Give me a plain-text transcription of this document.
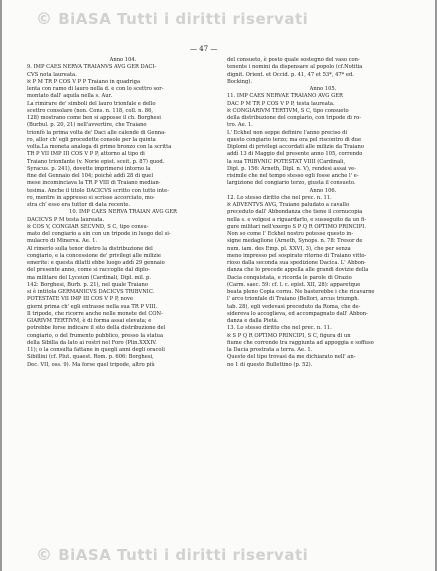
© BiASA Tutti i diritti riservati
— 47 —

Anno 104.

9. IMP CAES NERVA TRAIANVS AVG GER DACI-

CVS nota laureata.

ℵ P M TR P COS V P P Traiano in quadriga

lenta con ramo di lauro nella d. e con lo scettro sor-

montato dall' aquila nella s. Aur.

La rimirare de' simboli del lauro trionfale e dello

scettro consolare (non. Cons. n. 118, coll. n. 86,

128) mostrano come ben si apposse il ch. Borghesi

(Burbul. p. 20, 21) nell'avvertire, che Traiano

trionfò la prima volta de' Daci alle calende di Genna-

ro, allor ch' egli procedette console per la quinta

volta.La moneta analoga di primo bronzo con la scritta

TR P VII IMP III COS V P P, attorno al tipo di

Traiano trionfante (v. Norie epist. sceit. p. 87) quod.

Syracus. p. 241), dovette imprimersi intorno la

fine del Gennaio del 104; poichè addì 28 di quel

mese incominciava la TR P VIII di Traiano median-

tesima. Anche il titolo DACICVS scritto con tutto inte-

ro, mentre in appresso si scrisse accorciato, mo-

stra ch' esso era tuttor di data recente.

10. IMP CAES NERVA TRAIAN AVG GER

DACICVS P M testa laureata.

ℵ COS V, CONGIAR SECVND, S C, tipo consu-

mato del congiario a sin con un tripode in luogo del si-

mulacro di Minerva. Ae. 1.

Al rimerlo sulla tenor dietro la distribuzione del

congiario, e la concessione de' privilegi alle milizie

emerite: e questa dilatti ebbe luogo addì 29 gennaio

del presente anno, come si raccoglie dal diplo-

ma militare del Lyceum (Cardinali, Dipl. mil. p.

142: Borghesi, Burb. p. 21), nel quale Traiano

si è intitola GERMANICVS DACICVS TRIBVNIC.

POTESTATE VII IMP III COS V P P, nove

giorni prima ch' egli entrasse nella sua TR P VIII.

Il tripode, che ricorre anche nelle monete del CON-

GIARIVM TERTIVM, è di forma assai elevata; e

potrebbe forse indicare il sito della distribuzione del

congiario, o del frumento pubblico, presso la statua

della Sibilla da lato ai rostri nel Foro (Plin.XXXIV.

11); o la consulta fattane in quegli anni degli oracoli

Sibillini (cf. Plut. quaest. Rom. p. 606: Borghesi,

Dec. VII, oss. 9). Ma forse quel tripode, altro più

del consueto, è posto quale sostegno del vaso con-

tenente i nomini da dispensare al popolo (cf.Notitia

dignit. Orient. et Occid. p. 41, 47 et 53*, 47* ed.

Bocking).

Anno 105.

11. IMP CAES NERVAE TRAIANO AVG GER

DAC P M TR P COS V P P, testa laureata.

ℵ CONGIARIVM TERTIVM, S C, tipo consueto

della distribuzione del congiario, con tripode di ro-

tro. Ae. 1.

L' Eckhel non seppe definire l'anno preciso di

questo congiario terzo; ma ora pel riscontro di due

Diplomi di privilegi accordati alle milizie da Traiano

addì 13 di Maggio del presente anno 105, correndo

la sua TRIBVNIC POTESTAT VIIII (Cardinali,

Dipl. p. 156: Arneth, Dipl. n. V), rendesi assai ve-

risimile che nel tempo stesso egli fosse anche l' e-

largizione del congiario terzo, giusta il consueto.

Anno 106.

12. Lo stesso diritto che nel prec. n. 11.

ℵ ADVENTVS AVG, Traiano paludato a cavallo

preceduto dall' Abbondanza che tiene il cornucopia

nella s. e volgesi a riguardarlo, e susseguito da un fi-

gure militari nell'exergo S P Q R OPTIMO PRINCIPI.

Non so come l' Eckhel nostro potesse questo in-

signe medaglione (Arneth, Synops. n. 78: Tresor de

num. iam. des Emp. pl. XXVI, 3), che per senza

meno impresso pel sospirato ritorno di Traiano vitto-

rioso dalla seconda sua spedizione Dacica. L' Abbon-

danza che lo precede appella alle grandi dovizie della

Dacia conquistata, e ricorda le parole di Orazio

(Carm. saec. 59: cf. l. c. epist. XII, 28): apparetque

beata pleno Copia cornu. Ne basterebbe i che ricavarne

l' arco trionfale di Traiano (Bellori, arcus triumph.

tab. 28), egli vedevasi preceduto da Roma, che de-

sidereva lo accoglieva, ed accompagnato dall' Abbon-

danza e dalla Pietà.

13. Lo stesso diritto che nel prec. n. 11.

ℵ S P Q R OPTIMO PRINCIPI, S C, figura di un

fiume che corrende tra raggiunta ad appoggia e soffuso

la Dacia prostrata a terra. Ae. 1.

Questo del tipo trovasi da me dichiarato nell' an-

no 1 di questo Bullettino (p. 52).

© BiASA Tutti i diritti riservati
